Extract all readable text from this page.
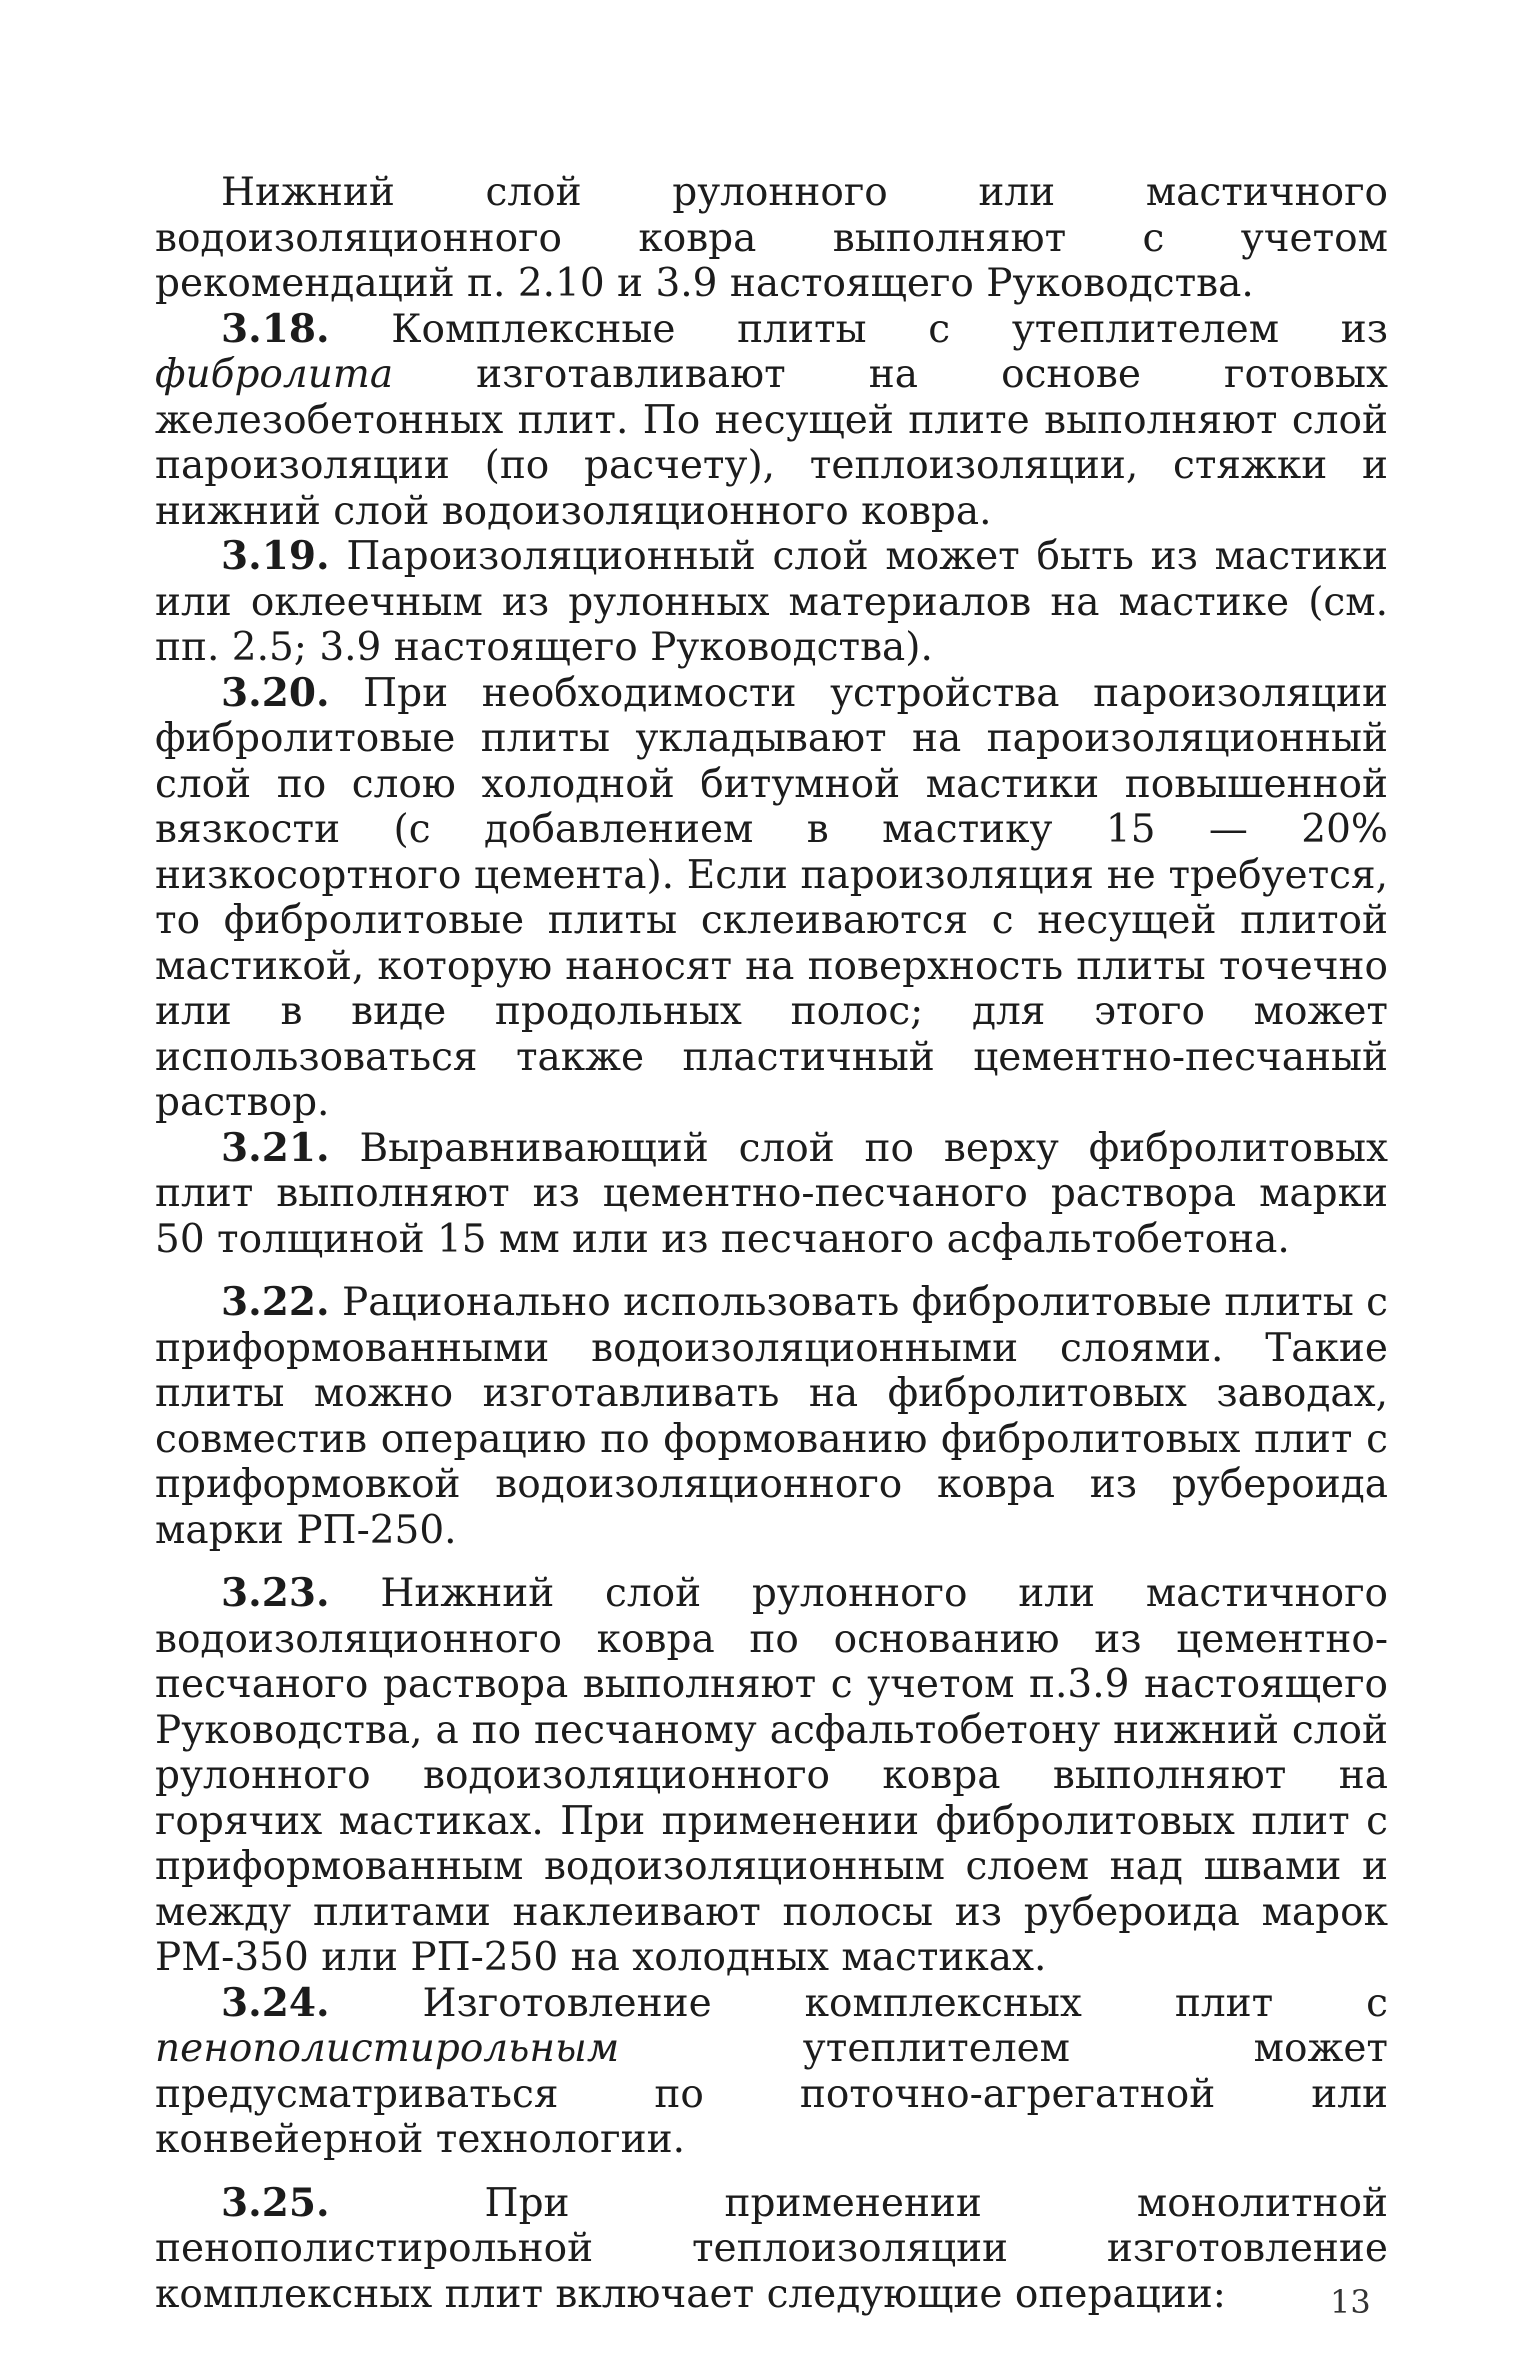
Нижний слой рулонного или мастичного водоизоляционного ковра выполняют с учетом рекомендаций п. 2.10 и 3.9 настоящего Руководства.

3.18. Комплексные плиты с утеплителем из фибролита изготавливают на основе готовых железобетонных плит. По несущей плите выполняют слой пароизоляции (по расчету), теплоизоляции, стяжки и нижний слой водоизоляционного ковра.

3.19. Пароизоляционный слой может быть из мастики или оклеечным из рулонных материалов на мастике (см. пп. 2.5; 3.9 настоящего Руководства).

3.20. При необходимости устройства пароизоляции фибролитовые плиты укладывают на пароизоляционный слой по слою холодной битумной мастики повышенной вязкости (с добавлением в мастику 15 — 20% низкосортного цемента). Если пароизоляция не требуется, то фибролитовые плиты склеиваются с несущей плитой мастикой, которую наносят на поверхность плиты точечно или в виде продольных полос; для этого может использоваться также пластичный цементно-песчаный раствор.

3.21. Выравнивающий слой по верху фибролитовых плит выполняют из цементно-песчаного раствора марки 50 толщиной 15 мм или из песчаного асфальтобетона.

3.22. Рационально использовать фибролитовые плиты с приформованными водоизоляционными слоями. Такие плиты можно изготавливать на фибролитовых заводах, совместив операцию по формованию фибролитовых плит с приформовкой водоизоляционного ковра из рубероида марки РП-250.

3.23. Нижний слой рулонного или мастичного водоизоляционного ковра по основанию из цементно-песчаного раствора выполняют с учетом п.3.9 настоящего Руководства, а по песчаному асфальтобетону нижний слой рулонного водоизоляционного ковра выполняют на горячих мастиках. При применении фибролитовых плит с приформованным водоизоляционным слоем над швами и между плитами наклеивают полосы из рубероида марок РМ-350 или РП-250 на холодных мастиках.

3.24. Изготовление комплексных плит с пенополистирольным утеплителем может предусматриваться по поточно-агрегатной или конвейерной технологии.

3.25. При применении монолитной пенополистирольной теплоизоляции изготовление комплексных плит включает следующие операции:	13
